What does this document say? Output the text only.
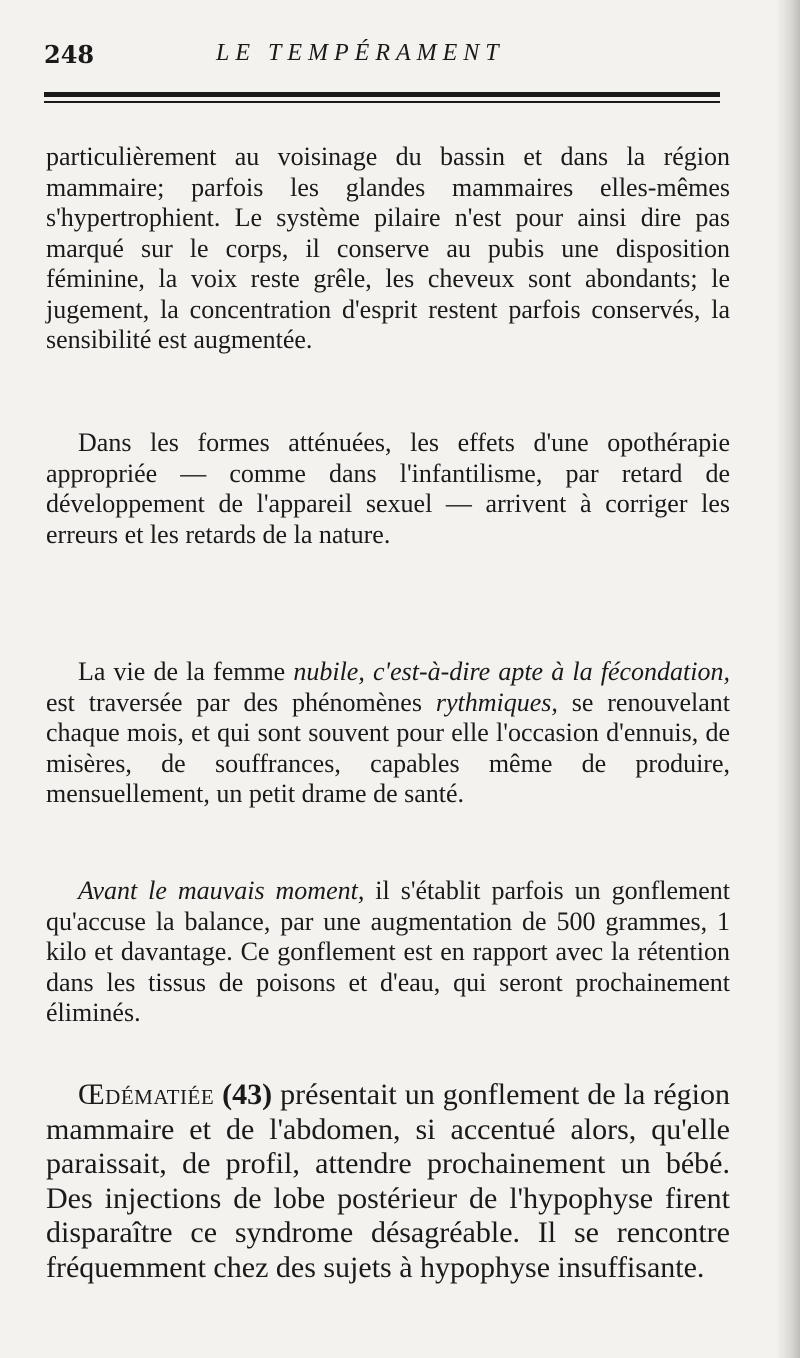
248	LE TEMPÉRAMENT

particulièrement au voisinage du bassin et dans la région mammaire; parfois les glandes mammaires elles-mêmes s'hypertrophient. Le système pilaire n'est pour ainsi dire pas marqué sur le corps, il conserve au pubis une disposition féminine, la voix reste grêle, les cheveux sont abondants; le jugement, la concentration d'esprit restent parfois conservés, la sensibilité est augmentée.

Dans les formes atténuées, les effets d'une opothérapie appropriée — comme dans l'infantilisme, par retard de développement de l'appareil sexuel — arrivent à corriger les erreurs et les retards de la nature.

La vie de la femme nubile, c'est-à-dire apte à la fécondation, est traversée par des phénomènes rythmiques, se renouvelant chaque mois, et qui sont souvent pour elle l'occasion d'ennuis, de misères, de souffrances, capables même de produire, mensuellement, un petit drame de santé.

Avant le mauvais moment, il s'établit parfois un gonflement qu'accuse la balance, par une augmentation de 500 grammes, 1 kilo et davantage. Ce gonflement est en rapport avec la rétention dans les tissus de poisons et d'eau, qui seront prochainement éliminés.

Œdématiée (43) présentait un gonflement de la région mammaire et de l'abdomen, si accentué alors, qu'elle paraissait, de profil, attendre prochainement un bébé. Des injections de lobe postérieur de l'hypophyse firent disparaître ce syndrome désagréable. Il se rencontre fréquemment chez des sujets à hypophyse insuffisante.
